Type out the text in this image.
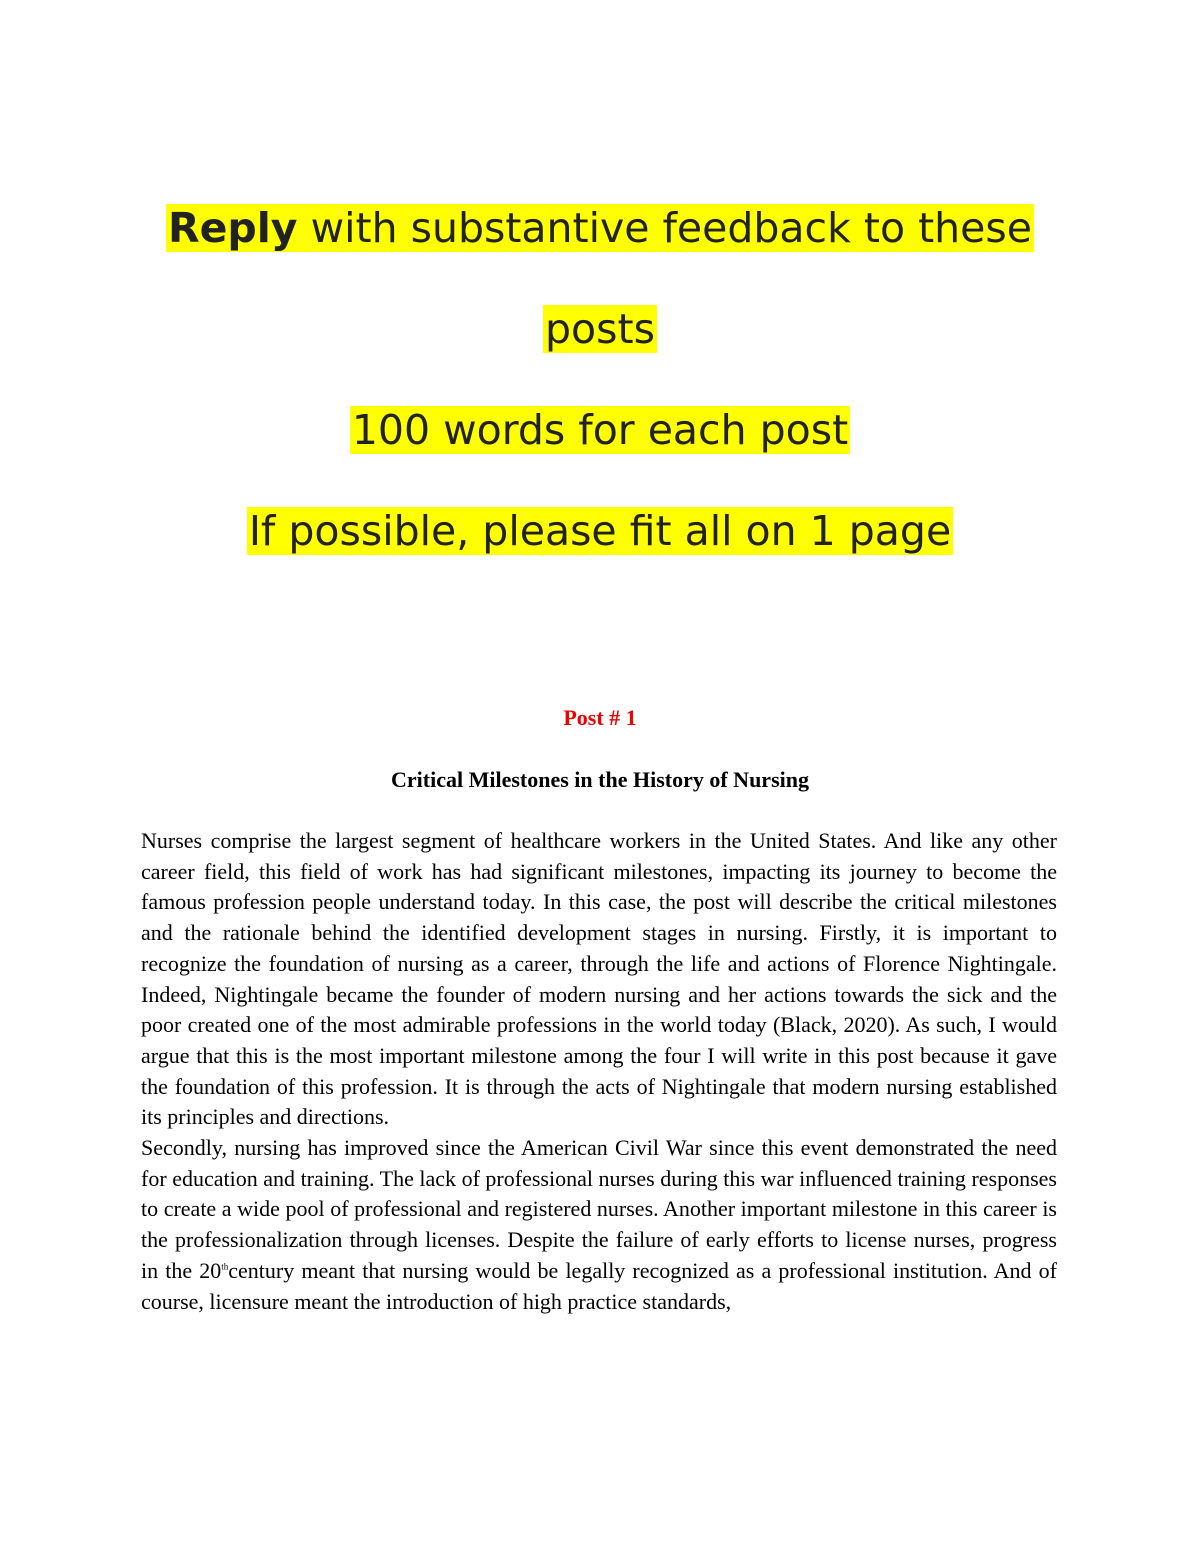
Reply with substantive feedback to these
posts
100 words for each post
If possible, please fit all on 1 page
Post # 1
Critical Milestones in the History of Nursing

Nurses comprise the largest segment of healthcare workers in the United States. And like any other career field, this field of work has had significant milestones, impacting its journey to become the famous profession people understand today. In this case, the post will describe the critical milestones and the rationale behind the identified development stages in nursing. Firstly, it is important to recognize the foundation of nursing as a career, through the life and actions of Florence Nightingale. Indeed, Nightingale became the founder of modern nursing and her actions towards the sick and the poor created one of the most admirable professions in the world today (Black, 2020). As such, I would argue that this is the most important milestone among the four I will write in this post because it gave the foundation of this profession. It is through the acts of Nightingale that modern nursing established its principles and directions.

Secondly, nursing has improved since the American Civil War since this event demonstrated the need for education and training. The lack of professional nurses during this war influenced training responses to create a wide pool of professional and registered nurses. Another important milestone in this career is the professionalization through licenses. Despite the failure of early efforts to license nurses, progress in the 20thcentury meant that nursing would be legally recognized as a professional institution. And of course, licensure meant the introduction of high practice standards,
